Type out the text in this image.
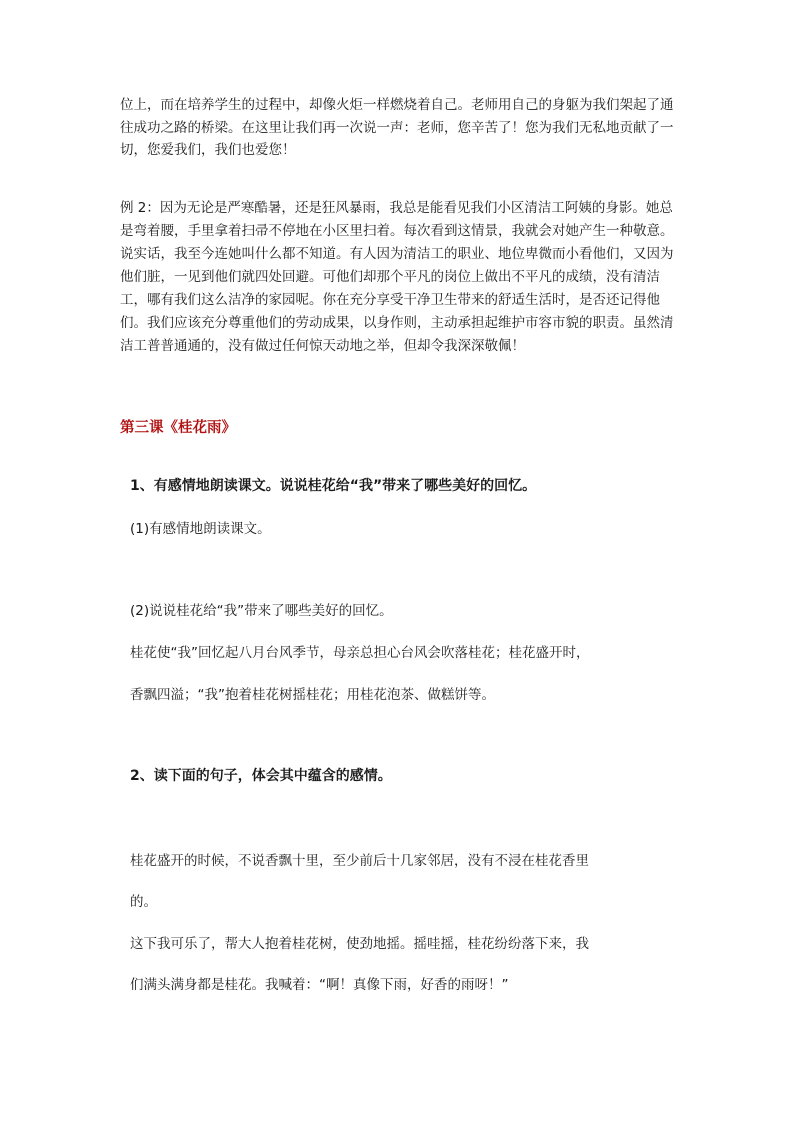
位上，而在培养学生的过程中，却像火炬一样燃烧着自己。老师用自己的身躯为我们架起了通往成功之路的桥梁。在这里让我们再一次说一声：老师，您辛苦了！您为我们无私地贡献了一切，您爱我们，我们也爱您！
例 2：因为无论是严寒酷暑，还是狂风暴雨，我总是能看见我们小区清洁工阿姨的身影。她总是弯着腰，手里拿着扫帚不停地在小区里扫着。每次看到这情景，我就会对她产生一种敬意。说实话，我至今连她叫什么都不知道。有人因为清洁工的职业、地位卑微而小看他们，又因为他们脏，一见到他们就四处回避。可他们却那个平凡的岗位上做出不平凡的成绩，没有清洁工，哪有我们这么洁净的家园呢。你在充分享受干净卫生带来的舒适生活时，是否还记得他们。我们应该充分尊重他们的劳动成果，以身作则，主动承担起维护市容市貌的职责。虽然清洁工普普通通的，没有做过任何惊天动地之举，但却令我深深敬佩！
第三课《桂花雨》
1、有感情地朗读课文。说说桂花给“我”带来了哪些美好的回忆。
(1)有感情地朗读课文。
(2)说说桂花给“我”带来了哪些美好的回忆。
桂花使“我”回忆起八月台风季节，母亲总担心台风会吹落桂花；桂花盛开时，
香飘四溢；“我”抱着桂花树摇桂花；用桂花泡茶、做糕饼等。
2、读下面的句子，体会其中蕴含的感情。
桂花盛开的时候，不说香飘十里，至少前后十几家邻居，没有不浸在桂花香里
的。
这下我可乐了，帮大人抱着桂花树，使劲地摇。摇哇摇，桂花纷纷落下来，我
们满头满身都是桂花。我喊着：“啊！真像下雨，好香的雨呀！”
